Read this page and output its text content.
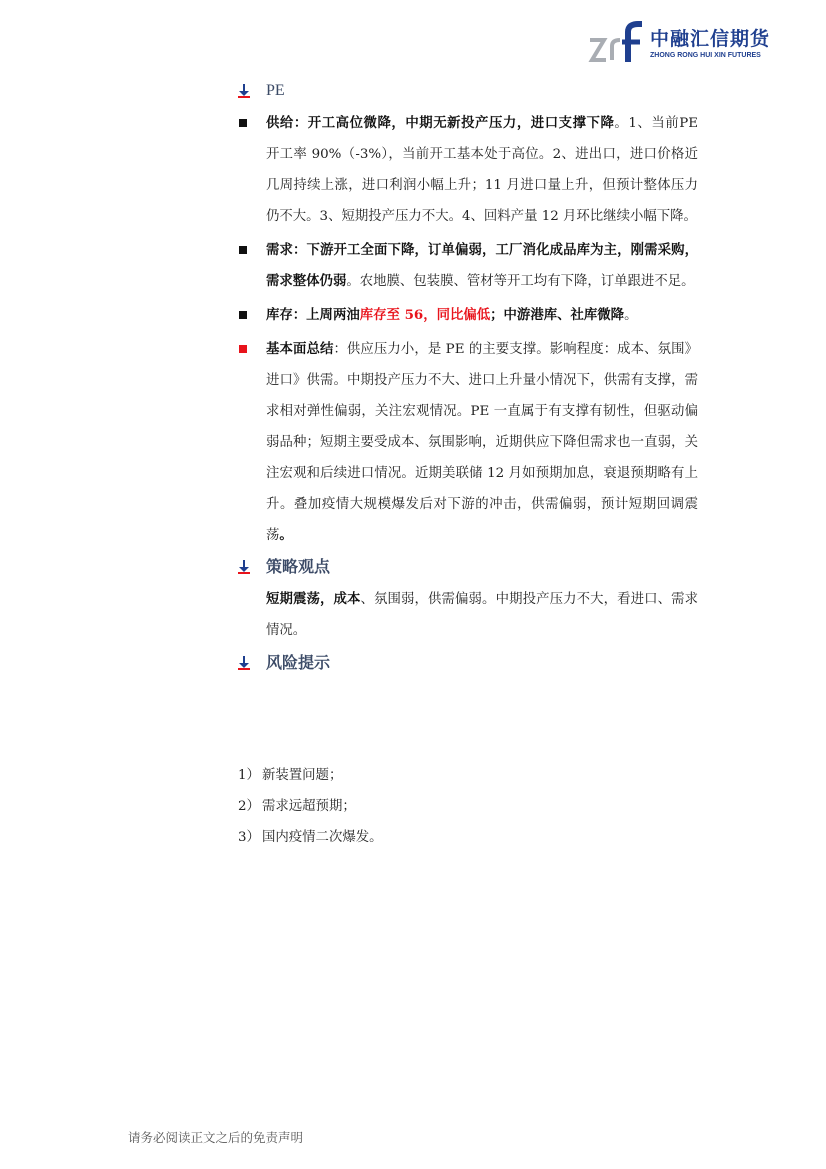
中融汇信期货
ZHONG RONG HUI XIN FUTURES
PE
供给：开工高位微降，中期无新投产压力，进口支撑下降。1、当前PE 开工率 90%（-3%），当前开工基本处于高位。2、进出口，进口价格近几周持续上涨，进口利润小幅上升；11 月进口量上升，但预计整体压力仍不大。3、短期投产压力不大。4、回料产量 12 月环比继续小幅下降。
需求：下游开工全面下降，订单偏弱，工厂消化成品库为主，刚需采购，需求整体仍弱。农地膜、包装膜、管材等开工均有下降，订单跟进不足。
库存：上周两油库存至 56，同比偏低；中游港库、社库微降。
基本面总结：供应压力小，是 PE 的主要支撑。影响程度：成本、氛围》进口》供需。中期投产压力不大、进口上升量小情况下，供需有支撑，需求相对弹性偏弱，关注宏观情况。PE 一直属于有支撑有韧性，但驱动偏弱品种；短期主要受成本、氛围影响，近期供应下降但需求也一直弱，关注宏观和后续进口情况。近期美联储 12 月如预期加息，衰退预期略有上升。叠加疫情大规模爆发后对下游的冲击，供需偏弱，预计短期回调震荡。
策略观点
短期震荡，成本、氛围弱，供需偏弱。中期投产压力不大，看进口、需求情况。
风险提示
1） 新装置问题；
2） 需求远超预期；
3） 国内疫情二次爆发。
请务必阅读正文之后的免责声明
